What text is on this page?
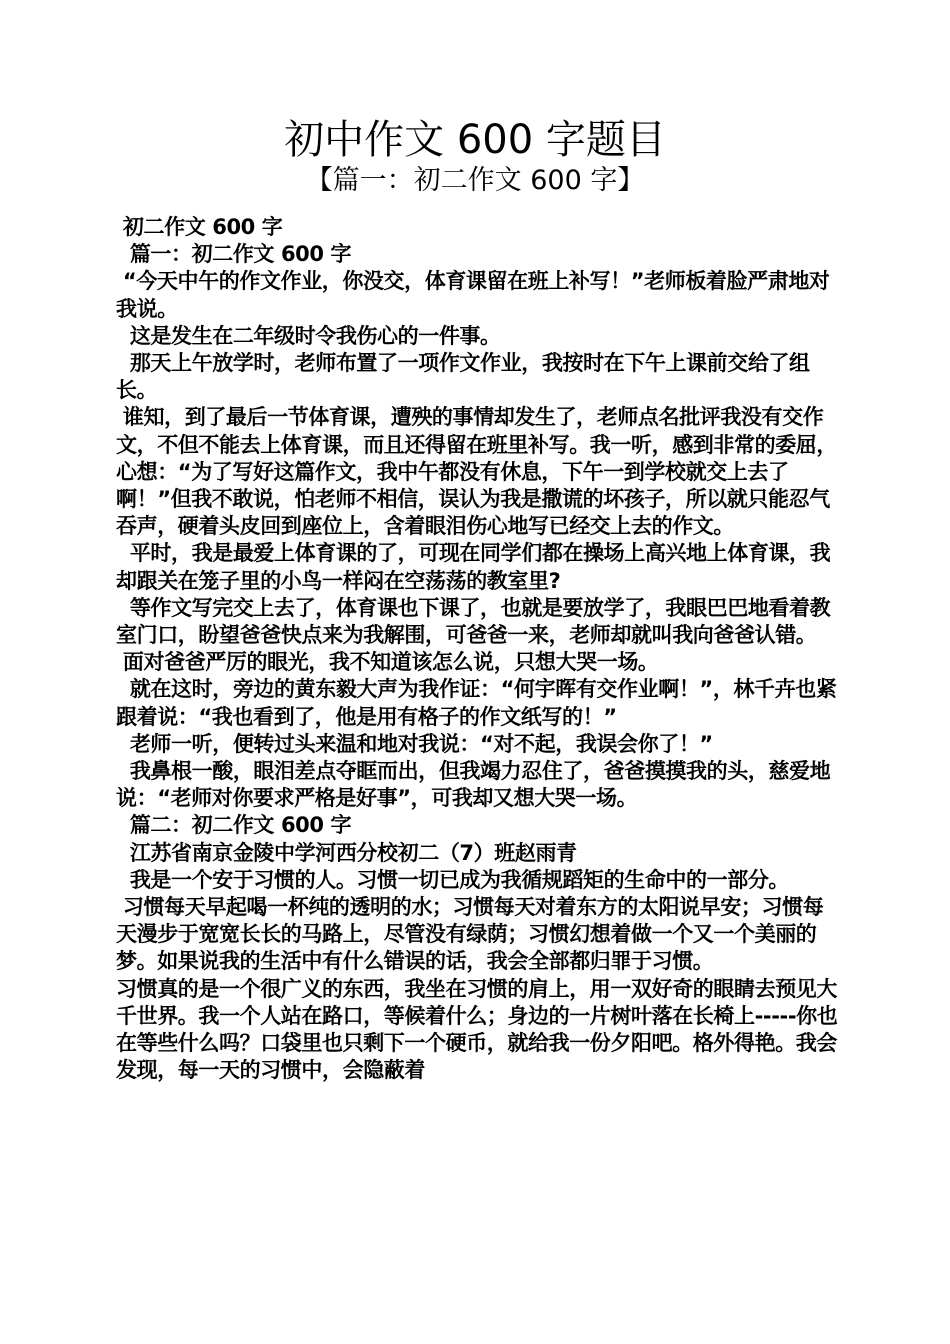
初中作文 600 字题目
【篇一：初二作文 600 字】

初二作文 600 字

篇一：初二作文 600 字

“今天中午的作文作业，你没交，体育课留在班上补写！”老师板着脸严肃地对我说。

这是发生在二年级时令我伤心的一件事。

那天上午放学时，老师布置了一项作文作业，我按时在下午上课前交给了组长。

谁知，到了最后一节体育课，遭殃的事情却发生了，老师点名批评我没有交作文，不但不能去上体育课，而且还得留在班里补写。我一听，感到非常的委屈，心想：“为了写好这篇作文，我中午都没有休息，下午一到学校就交上去了啊！”但我不敢说，怕老师不相信，误认为我是撒谎的坏孩子，所以就只能忍气吞声，硬着头皮回到座位上，含着眼泪伤心地写已经交上去的作文。

平时，我是最爱上体育课的了，可现在同学们都在操场上高兴地上体育课，我却跟关在笼子里的小鸟一样闷在空荡荡的教室里?

等作文写完交上去了，体育课也下课了，也就是要放学了，我眼巴巴地看着教室门口，盼望爸爸快点来为我解围，可爸爸一来，老师却就叫我向爸爸认错。

面对爸爸严厉的眼光，我不知道该怎么说，只想大哭一场。

就在这时，旁边的黄东毅大声为我作证：“何宇晖有交作业啊！”，林千卉也紧跟着说：“我也看到了，他是用有格子的作文纸写的！”

老师一听，便转过头来温和地对我说：“对不起，我误会你了！”

我鼻根一酸，眼泪差点夺眶而出，但我竭力忍住了，爸爸摸摸我的头，慈爱地说：“老师对你要求严格是好事”，可我却又想大哭一场。

篇二：初二作文 600 字

江苏省南京金陵中学河西分校初二（7）班赵雨青

我是一个安于习惯的人。习惯一切已成为我循规蹈矩的生命中的一部分。

习惯每天早起喝一杯纯的透明的水；习惯每天对着东方的太阳说早安；习惯每天漫步于宽宽长长的马路上，尽管没有绿荫；习惯幻想着做一个又一个美丽的梦。如果说我的生活中有什么错误的话，我会全部都归罪于习惯。

习惯真的是一个很广义的东西，我坐在习惯的肩上，用一双好奇的眼睛去预见大千世界。我一个人站在路口，等候着什么；身边的一片树叶落在长椅上-----你也在等些什么吗？口袋里也只剩下一个硬币，就给我一份夕阳吧。格外得艳。我会发现，每一天的习惯中，会隐蔽着
